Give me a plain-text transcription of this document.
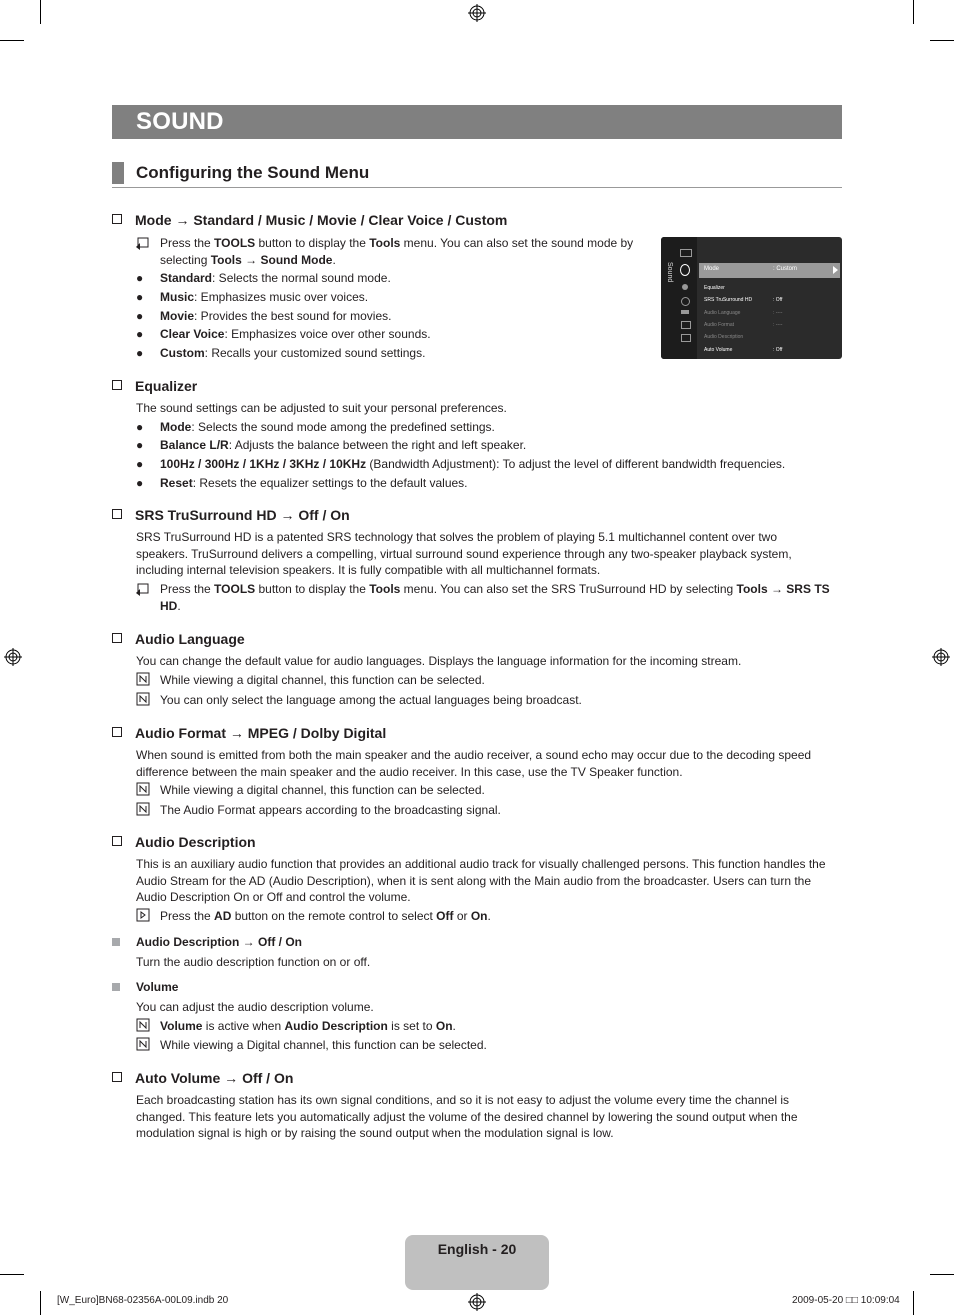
SOUND
Configuring the Sound Menu
Mode → Standard / Music / Movie / Clear Voice / Custom
Press the TOOLS button to display the Tools menu. You can also set the sound mode by
selecting Tools → Sound Mode.
● Standard: Selects the normal sound mode.
● Music: Emphasizes music over voices.
● Movie: Provides the best sound for movies.
● Clear Voice: Emphasizes voice over other sounds.
● Custom: Recalls your customized sound settings.
Sound	Mode	: Custom
Equalizer
SRS TruSurround HD	: Off
Audio Language	: ----
Audio Format	: ----
Audio Description
Auto Volume	: Off
Equalizer
The sound settings can be adjusted to suit your personal preferences.
● Mode: Selects the sound mode among the predefined settings.
● Balance L/R: Adjusts the balance between the right and left speaker.
● 100Hz / 300Hz / 1KHz / 3KHz / 10KHz (Bandwidth Adjustment): To adjust the level of different bandwidth frequencies.
● Reset: Resets the equalizer settings to the default values.
SRS TruSurround HD → Off / On
SRS TruSurround HD is a patented SRS technology that solves the problem of playing 5.1 multichannel content over two
speakers. TruSurround delivers a compelling, virtual surround sound experience through any two-speaker playback system,
including internal television speakers. It is fully compatible with all multichannel formats.
Press the TOOLS button to display the Tools menu. You can also set the SRS TruSurround HD by selecting Tools → SRS TS
HD.
Audio Language
You can change the default value for audio languages. Displays the language information for the incoming stream.
While viewing a digital channel, this function can be selected.
You can only select the language among the actual languages being broadcast.
Audio Format → MPEG / Dolby Digital
When sound is emitted from both the main speaker and the audio receiver, a sound echo may occur due to the decoding speed
difference between the main speaker and the audio receiver. In this case, use the TV Speaker function.
While viewing a digital channel, this function can be selected.
The Audio Format appears according to the broadcasting signal.
Audio Description
This is an auxiliary audio function that provides an additional audio track for visually challenged persons. This function handles the
Audio Stream for the AD (Audio Description), when it is sent along with the Main audio from the broadcaster. Users can turn the
Audio Description On or Off and control the volume.
Press the AD button on the remote control to select Off or On.
Audio Description → Off / On
Turn the audio description function on or off.
Volume
You can adjust the audio description volume.
Volume is active when Audio Description is set to On.
While viewing a Digital channel, this function can be selected.
Auto Volume → Off / On
Each broadcasting station has its own signal conditions, and so it is not easy to adjust the volume every time the channel is
changed. This feature lets you automatically adjust the volume of the desired channel by lowering the sound output when the
modulation signal is high or by raising the sound output when the modulation signal is low.
English - 20
[W_Euro]BN68-02356A-00L09.indb 20	2009-05-20 □□ 10:09:04
